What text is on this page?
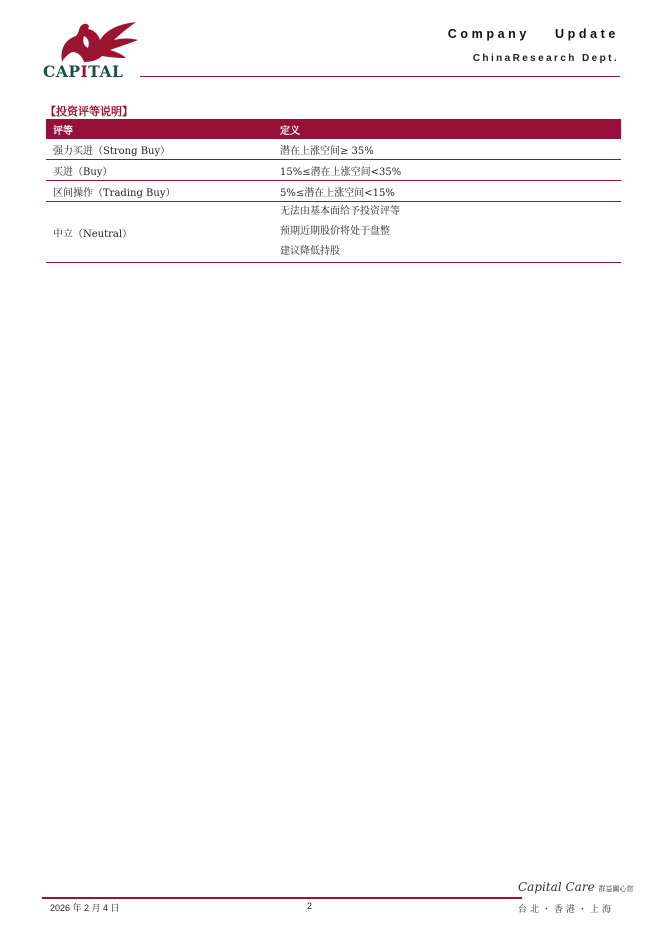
CAPITAL
Company Update
ChinaResearch Dept.
【投资评等说明】
评等	定义
强力买进（Strong Buy）	潜在上涨空间≥ 35%
买进（Buy）	15%≤潜在上涨空间<35%
区间操作（Trading Buy）	5%≤潜在上涨空间<15%
中立（Neutral）	无法由基本面给予投资评等
预期近期股价将处于盘整
建议降低持股
2026 年 2 月 4 日	2
Capital Care 群益關心您
台北・香港・上海
